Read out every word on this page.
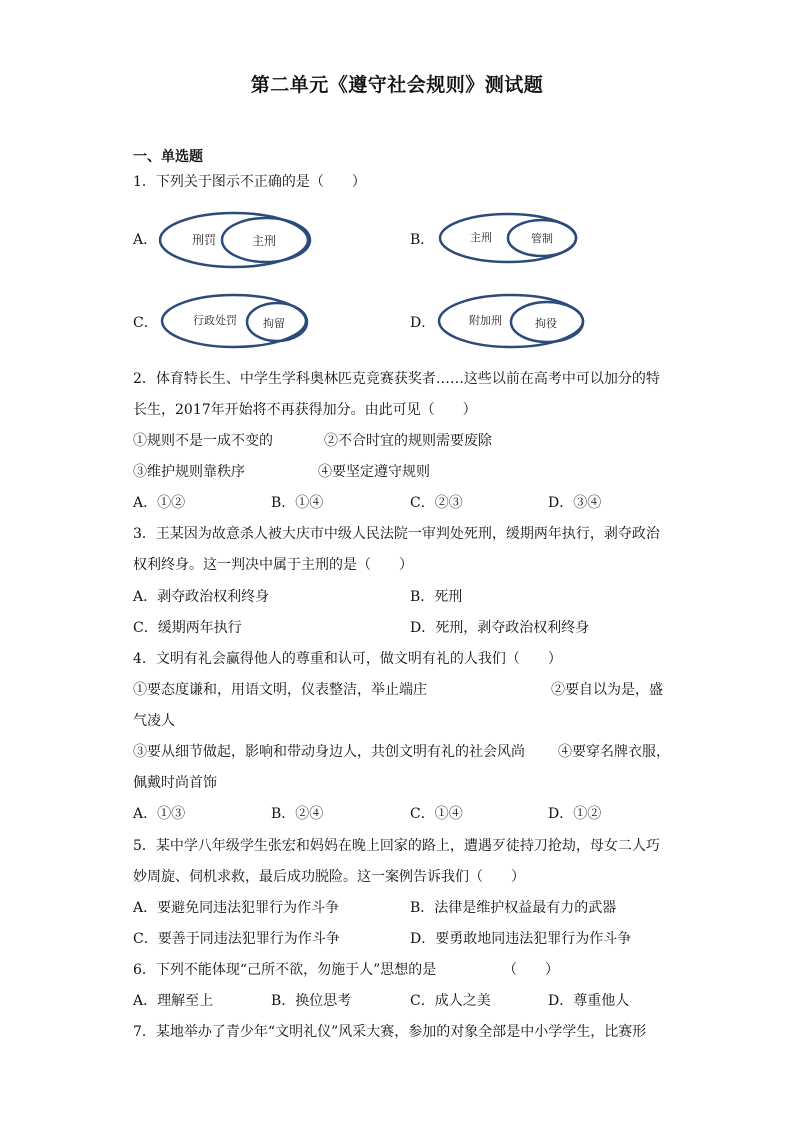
第二单元《遵守社会规则》测试题
一、单选题
1．下列关于图示不正确的是（　　）
A．	刑罚	主刑	B．	主刑	管制
C．	行政处罚 拘留	D．	附加刑	拘役
2．体育特长生、中学生学科奥林匹克竞赛获奖者……这些以前在高考中可以加分的特
长生，2017年开始将不再获得加分。由此可见（　　）
①规则不是一成不变的	②不合时宜的规则需要废除
③维护规则靠秩序	④要坚定遵守规则
A．①②	B．①④	C．②③	D．③④
3．王某因为故意杀人被大庆市中级人民法院一审判处死刑，缓期两年执行，剥夺政治
权利终身。这一判决中属于主刑的是（　　）
A．剥夺政治权利终身	B．死刑
C．缓期两年执行	D．死刑，剥夺政治权利终身
4．文明有礼会赢得他人的尊重和认可，做文明有礼的人我们（　　）
①要态度谦和，用语文明，仪表整洁，举止端庄	②要自以为是，盛
气凌人
③要从细节做起，影响和带动身边人，共创文明有礼的社会风尚 ④要穿名牌衣服，
佩戴时尚首饰
A．①③	B．②④	C．①④	D．①②
5．某中学八年级学生张宏和妈妈在晚上回家的路上，遭遇歹徒持刀抢劫，母女二人巧
妙周旋、伺机求救，最后成功脱险。这一案例告诉我们（　　）
A．要避免同违法犯罪行为作斗争	B．法律是维护权益最有力的武器
C．要善于同违法犯罪行为作斗争	D．要勇敢地同违法犯罪行为作斗争
6．下列不能体现“己所不欲，勿施于人”思想的是	（　　）
A．理解至上	B．换位思考	C．成人之美	D．尊重他人
7．某地举办了青少年“文明礼仪”风采大赛，参加的对象全部是中小学学生，比赛形
